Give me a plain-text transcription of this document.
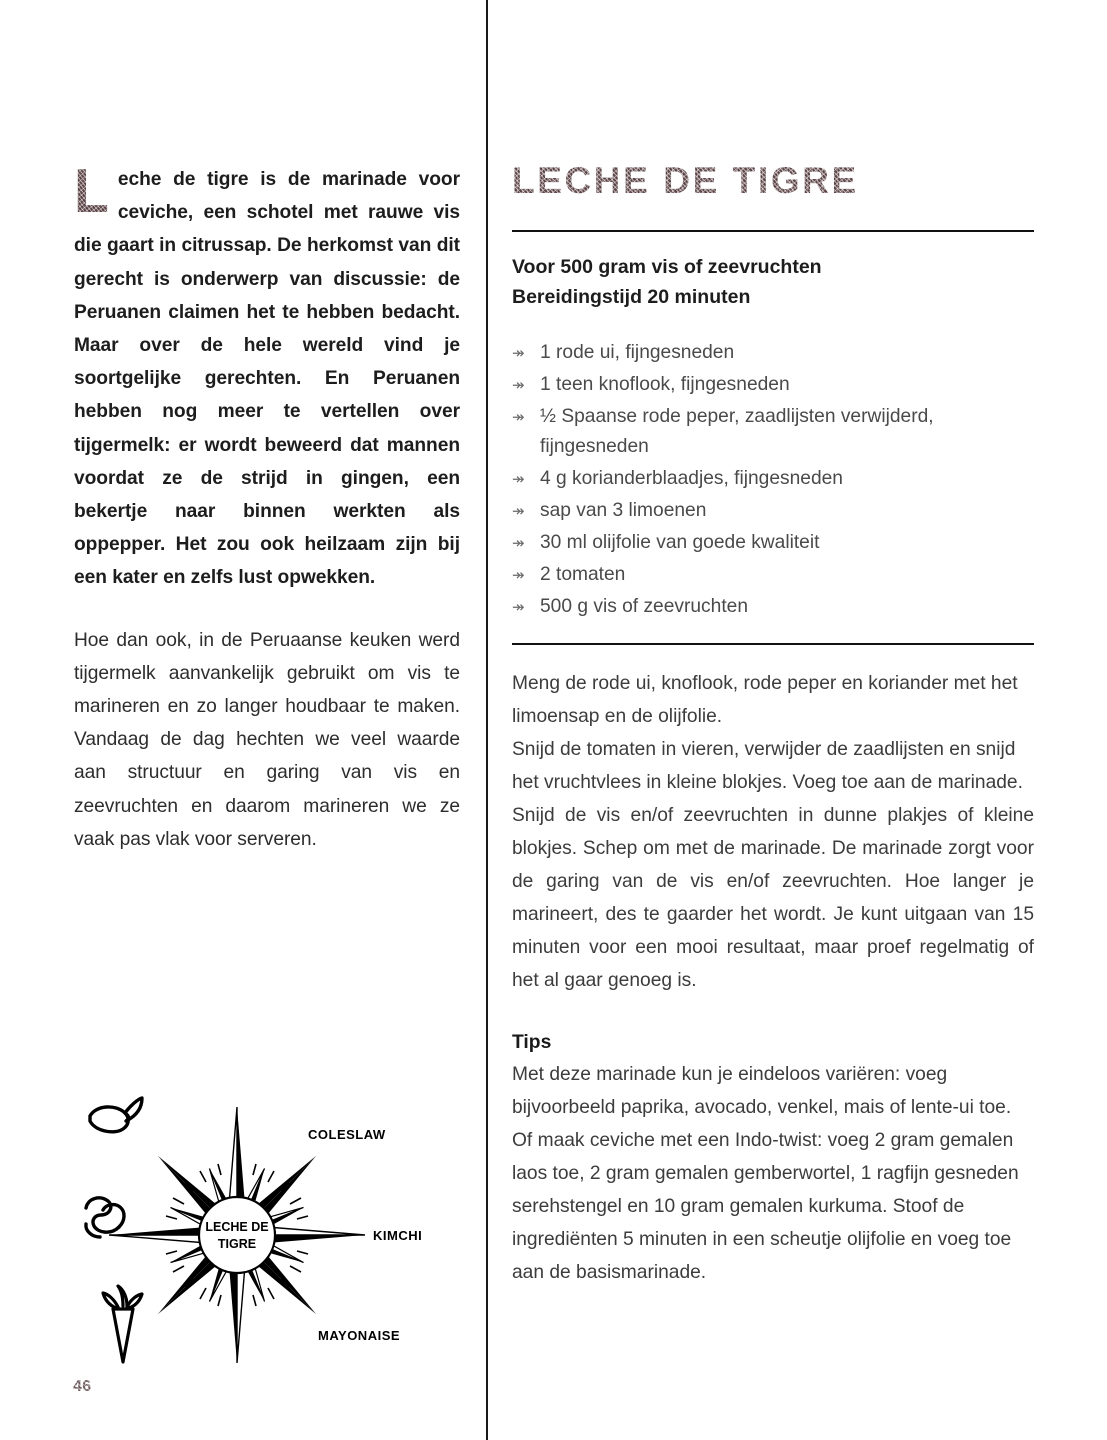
L eche de tigre is de marinade voor ceviche, een schotel met rauwe vis die gaart in citrussap. De herkomst van dit gerecht is onderwerp van discussie: de Peruanen claimen het te hebben bedacht. Maar over de hele wereld vind je soortgelijke gerechten. En Peruanen hebben nog meer te vertellen over tijgermelk: er wordt beweerd dat mannen voordat ze de strijd in gingen, een bekertje naar binnen werkten als oppepper. Het zou ook heilzaam zijn bij een kater en zelfs lust opwekken.

Hoe dan ook, in de Peruaanse keuken werd tijgermelk aanvankelijk gebruikt om vis te marineren en zo langer houdbaar te maken. Vandaag de dag hechten we veel waarde aan structuur en garing van vis en zeevruchten en daarom marineren we ze vaak pas vlak voor serveren.

LECHE DE
TIGRE
COLESLAW
KIMCHI
MAYONAISE
46
LECHE DE TIGRE
Voor 500 gram vis of zeevruchten
Bereidingstijd 20 minuten
↠ 1 rode ui, fijngesneden
↠ 1 teen knoflook, fijngesneden
↠ ½ Spaanse rode peper, zaadlijsten verwijderd, fijngesneden
↠ 4 g korianderblaadjes, fijngesneden
↠ sap van 3 limoenen
↠ 30 ml olijfolie van goede kwaliteit
↠ 2 tomaten
↠ 500 g vis of zeevruchten

Meng de rode ui, knoflook, rode peper en koriander met het limoensap en de olijfolie.

Snijd de tomaten in vieren, verwijder de zaadlijsten en snijd het vruchtvlees in kleine blokjes. Voeg toe aan de marinade.

Snijd de vis en/of zeevruchten in dunne plakjes of kleine blokjes. Schep om met de marinade. De marinade zorgt voor de garing van de vis en/of zeevruchten. Hoe langer je marineert, des te gaarder het wordt. Je kunt uitgaan van 15 minuten voor een mooi resultaat, maar proef regelmatig of het al gaar genoeg is.

Tips

Met deze marinade kun je eindeloos variëren: voeg bijvoorbeeld paprika, avocado, venkel, mais of lente-ui toe.

Of maak ceviche met een Indo-twist: voeg 2 gram gemalen laos toe, 2 gram gemalen gemberwortel, 1 ragfijn gesneden serehstengel en 10 gram gemalen kurkuma. Stoof de ingrediënten 5 minuten in een scheutje olijfolie en voeg toe aan de basismarinade.
